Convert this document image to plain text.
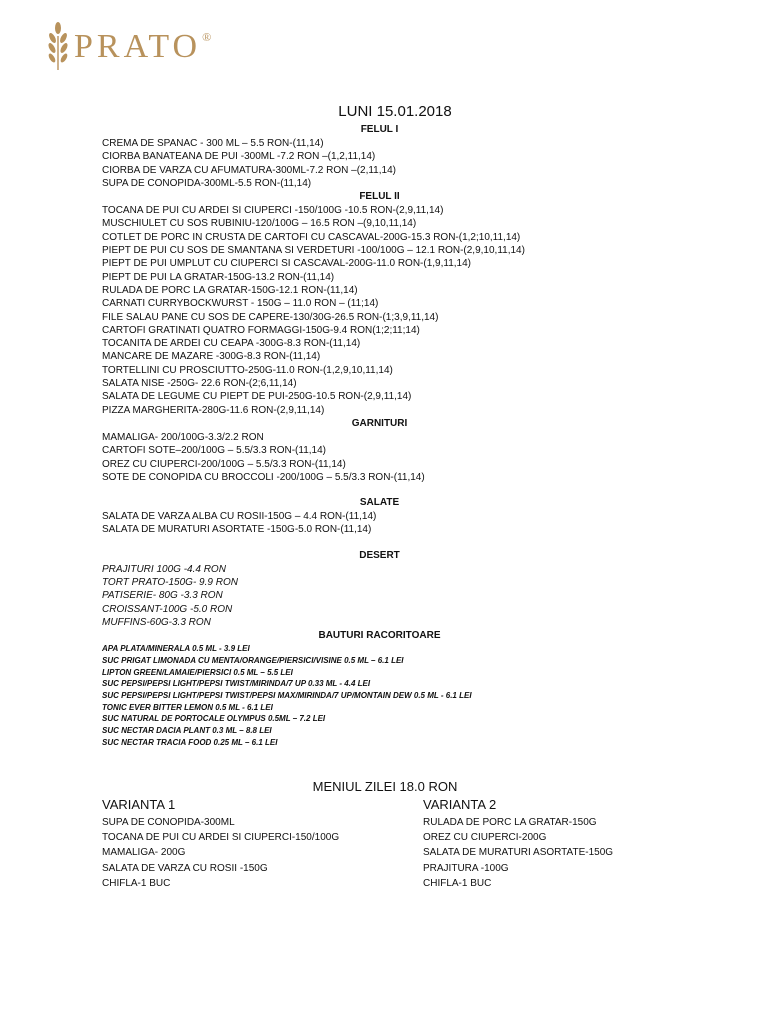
PRATO ®
LUNI 15.01.2018
FELUL I
CREMA DE SPANAC - 300 ML – 5.5 RON-(11,14)
CIORBA BANATEANA DE PUI -300ML -7.2 RON –(1,2,11,14)
CIORBA DE VARZA CU AFUMATURA-300ML-7.2 RON –(2,11,14)
SUPA DE CONOPIDA-300ML-5.5 RON-(11,14)
FELUL II
TOCANA DE PUI CU ARDEI SI CIUPERCI -150/100G -10.5 RON-(2,9,11,14)
MUSCHIULET CU SOS RUBINIU-120/100G – 16.5 RON –(9,10,11,14)
COTLET DE PORC IN CRUSTA DE CARTOFI CU CASCAVAL-200G-15.3 RON-(1,2;10,11,14)
PIEPT DE PUI CU SOS DE SMANTANA SI VERDETURI -100/100G – 12.1 RON-(2,9,10,11,14)
PIEPT DE PUI UMPLUT CU CIUPERCI SI CASCAVAL-200G-11.0 RON-(1,9,11,14)
PIEPT DE PUI LA GRATAR-150G-13.2 RON-(11,14)
RULADA DE PORC LA GRATAR-150G-12.1 RON-(11,14)
CARNATI CURRYBOCKWURST - 150G – 11.0 RON – (11;14)
FILE SALAU PANE CU SOS DE CAPERE-130/30G-26.5 RON-(1;3,9,11,14)
CARTOFI GRATINATI QUATRO FORMAGGI-150G-9.4 RON(1;2;11;14)
TOCANITA DE ARDEI CU CEAPA -300G-8.3 RON-(11,14)
MANCARE DE MAZARE -300G-8.3 RON-(11,14)
TORTELLINI CU PROSCIUTTO-250G-11.0 RON-(1,2,9,10,11,14)
SALATA NISE -250G- 22.6 RON-(2;6,11,14)
SALATA DE LEGUME CU PIEPT DE PUI-250G-10.5 RON-(2,9,11,14)
PIZZA MARGHERITA-280G-11.6 RON-(2,9,11,14)
GARNITURI
MAMALIGA- 200/100G-3.3/2.2 RON
CARTOFI SOTE–200/100G – 5.5/3.3 RON-(11,14)
OREZ CU CIUPERCI-200/100G – 5.5/3.3 RON-(11,14)
SOTE DE CONOPIDA CU BROCCOLI -200/100G – 5.5/3.3 RON-(11,14)
SALATE
SALATA DE VARZA ALBA CU ROSII-150G – 4.4 RON-(11,14)
SALATA DE MURATURI ASORTATE -150G-5.0 RON-(11,14)
DESERT
PRAJITURI 100G -4.4 RON
TORT PRATO-150G- 9.9 RON
PATISERIE- 80G -3.3 RON
CROISSANT-100G -5.0 RON
MUFFINS-60G-3.3 RON
BAUTURI RACORITOARE
APA PLATA/MINERALA 0.5 ML - 3.9 LEI
SUC PRIGAT LIMONADA CU MENTA/ORANGE/PIERSICI/VISINE 0.5 ML – 6.1 LEI
LIPTON GREEN/LAMAIE/PIERSICI 0.5 ML – 5.5 LEI
SUC PEPSI/PEPSI LIGHT/PEPSI TWIST/MIRINDA/7 UP 0.33 ML - 4.4 LEI
SUC PEPSI/PEPSI LIGHT/PEPSI TWIST/PEPSI MAX/MIRINDA/7 UP/MONTAIN DEW 0.5 ML - 6.1 LEI
TONIC EVER BITTER LEMON 0.5 ML - 6.1 LEI
SUC NATURAL DE PORTOCALE OLYMPUS 0.5ML – 7.2 LEI
SUC NECTAR DACIA PLANT 0.3 ML – 8.8 LEI
SUC NECTAR TRACIA FOOD 0.25 ML – 6.1 LEI
MENIUL ZILEI 18.0 RON
VARIANTA 1
SUPA DE CONOPIDA-300ML
TOCANA DE PUI CU ARDEI SI CIUPERCI-150/100G
MAMALIGA- 200G
SALATA DE VARZA CU ROSII -150G
CHIFLA-1 BUC
VARIANTA 2
RULADA DE PORC LA GRATAR-150G
OREZ CU CIUPERCI-200G
SALATA DE MURATURI ASORTATE-150G
PRAJITURA -100G
CHIFLA-1 BUC
